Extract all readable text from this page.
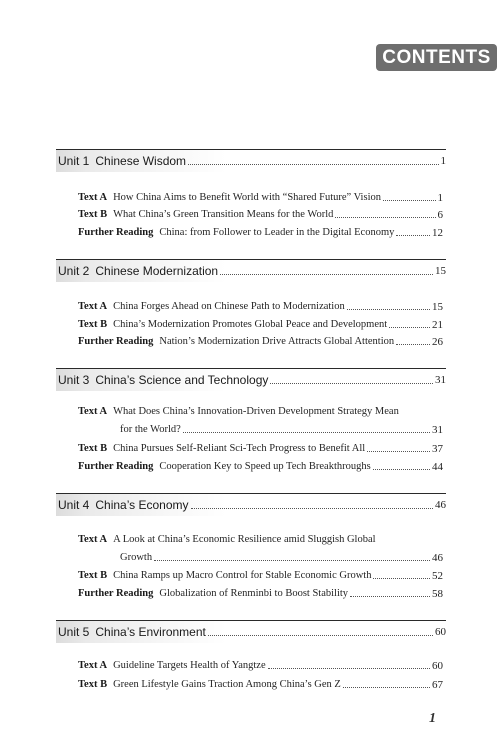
CONTENTS
Unit 1 Chinese Wisdom	1
Text A How China Aims to Benefit World with “Shared Future” Vision	1
Text B What China’s Green Transition Means for the World	6
Further Reading China: from Follower to Leader in the Digital Economy	12
Unit 2 Chinese Modernization	15
Text A China Forges Ahead on Chinese Path to Modernization	15
Text B China’s Modernization Promotes Global Peace and Development	21
Further Reading Nation’s Modernization Drive Attracts Global Attention	26
Unit 3 China’s Science and Technology	31
Text A What Does China’s Innovation-Driven Development Strategy Mean
for the World?	31
Text B China Pursues Self-Reliant Sci-Tech Progress to Benefit All	37
Further Reading Cooperation Key to Speed up Tech Breakthroughs	44
Unit 4 China’s Economy	46
Text A A Look at China’s Economic Resilience amid Sluggish Global
Growth	46
Text B China Ramps up Macro Control for Stable Economic Growth	52
Further Reading Globalization of Renminbi to Boost Stability	58
Unit 5 China’s Environment	60
Text A Guideline Targets Health of Yangtze	60
Text B Green Lifestyle Gains Traction Among China’s Gen Z	67
1
